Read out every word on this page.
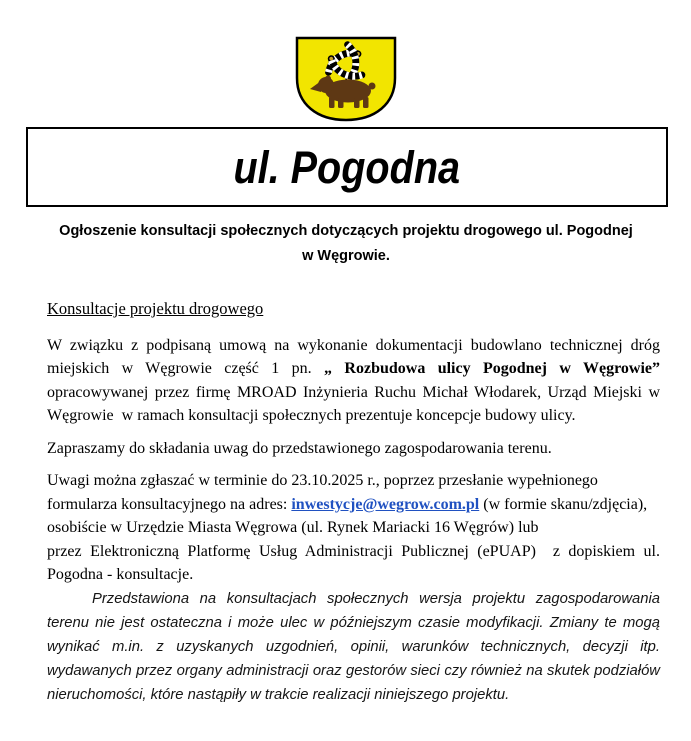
ul. Pogodna
Ogłoszenie konsultacji społecznych dotyczących projektu drogowego ul. Pogodnej
w Węgrowie.
Konsultacje projektu drogowego

W związku z podpisaną umową na wykonanie dokumentacji budowlano technicznej dróg miejskich w Węgrowie część 1 pn. „ Rozbudowa ulicy Pogodnej w Węgrowie” opracowywanej przez firmę MROAD Inżynieria Ruchu Michał Włodarek, Urząd Miejski w Węgrowie  w ramach konsultacji społecznych prezentuje koncepcje budowy ulicy.

Zapraszamy do składania uwag do przedstawionego zagospodarowania terenu.

Uwagi można zgłaszać w terminie do 23.10.2025 r., poprzez przesłanie wypełnionego formularza konsultacyjnego na adres: inwestycje@wegrow.com.pl (w formie skanu/zdjęcia), osobiście w Urzędzie Miasta Węgrowa (ul. Rynek Mariacki 16 Węgrów) lub

przez Elektroniczną Platformę Usług Administracji Publicznej (ePUAP)  z dopiskiem ul. Pogodna - konsultacje.

Przedstawiona na konsultacjach społecznych wersja projektu zagospodarowania terenu nie jest ostateczna i może ulec w późniejszym czasie modyfikacji. Zmiany te mogą wynikać m.in. z uzyskanych uzgodnień, opinii, warunków technicznych, decyzji itp. wydawanych przez organy administracji oraz gestorów sieci czy również na skutek podziałów nieruchomości, które nastąpiły w trakcie realizacji niniejszego projektu.
